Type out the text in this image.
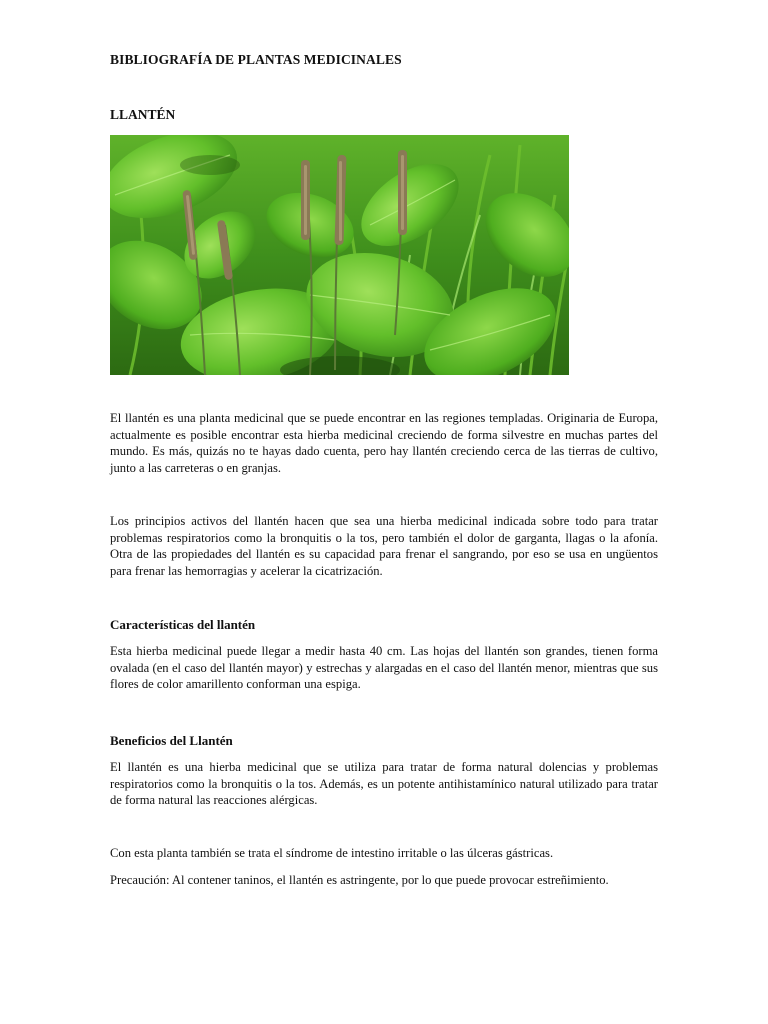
BIBLIOGRAFÍA DE PLANTAS MEDICINALES
LLANTÉN

El llantén es una planta medicinal que se puede encontrar en las regiones templadas. Originaria de Europa, actualmente es posible encontrar esta hierba medicinal creciendo de forma silvestre en muchas partes del mundo. Es más, quizás no te hayas dado cuenta, pero hay llantén creciendo cerca de las tierras de cultivo, junto a las carreteras o en granjas.

Los principios activos del llantén hacen que sea una hierba medicinal indicada sobre todo para tratar problemas respiratorios como la bronquitis o la tos, pero también el dolor de garganta, llagas o la afonía. Otra de las propiedades del llantén es su capacidad para frenar el sangrando, por eso se usa en ungüentos para frenar las hemorragias y acelerar la cicatrización.

Características del llantén

Esta hierba medicinal puede llegar a medir hasta 40 cm. Las hojas del llantén son grandes, tienen forma ovalada (en el caso del llantén mayor) y estrechas y alargadas en el caso del llantén menor, mientras que sus flores de color amarillento conforman una espiga.

Beneficios del Llantén

El llantén es una hierba medicinal que se utiliza para tratar de forma natural dolencias y problemas respiratorios como la bronquitis o la tos. Además, es un potente antihistamínico natural utilizado para tratar de forma natural las reacciones alérgicas.

Con esta planta también se trata el síndrome de intestino irritable o las úlceras gástricas.

Precaución: Al contener taninos, el llantén es astringente, por lo que puede provocar estreñimiento.
